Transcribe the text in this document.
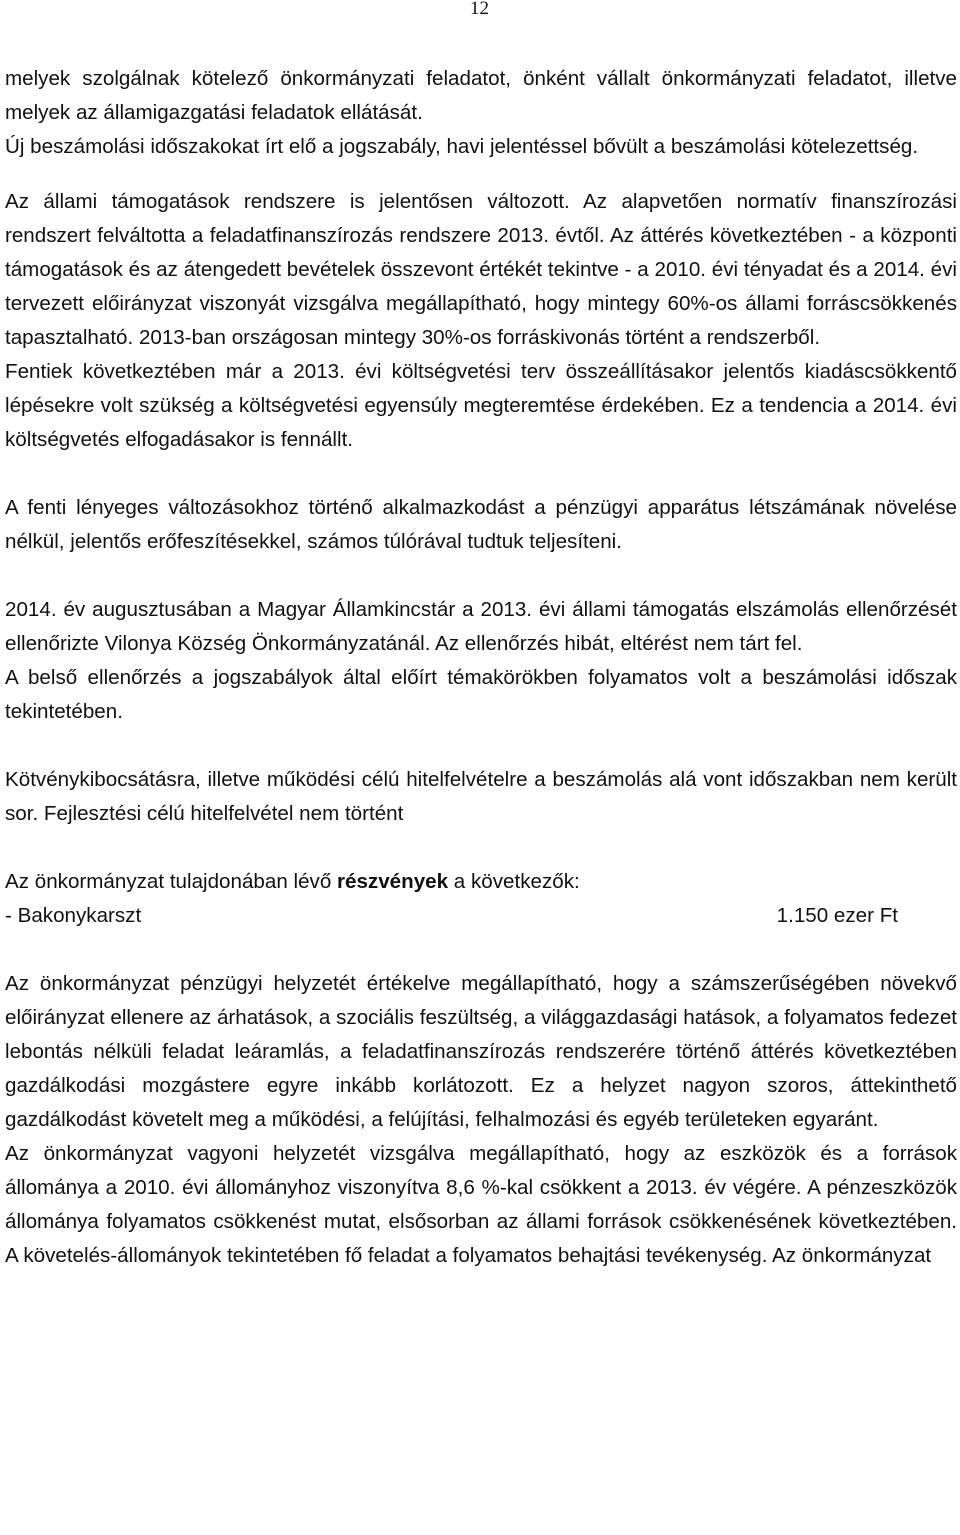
12

melyek szolgálnak kötelező önkormányzati feladatot, önként vállalt önkormányzati feladatot, illetve melyek az államigazgatási feladatok ellátását.

Új beszámolási időszakokat írt elő a jogszabály, havi jelentéssel bővült a beszámolási kötelezettség.

Az állami támogatások rendszere is jelentősen változott. Az alapvetően normatív finanszírozási rendszert felváltotta a feladatfinanszírozás rendszere 2013. évtől. Az áttérés következtében - a központi támogatások és az átengedett bevételek összevont értékét tekintve - a 2010. évi tényadat és a 2014. évi tervezett előirányzat viszonyát vizsgálva megállapítható, hogy mintegy 60%-os állami forráscsökkenés tapasztalható. 2013-ban országosan mintegy 30%-os forráskivonás történt a rendszerből.

Fentiek következtében már a 2013. évi költségvetési terv összeállításakor jelentős kiadáscsökkentő lépésekre volt szükség a költségvetési egyensúly megteremtése érdekében. Ez a tendencia a 2014. évi költségvetés elfogadásakor is fennállt.

A fenti lényeges változásokhoz történő alkalmazkodást a pénzügyi apparátus létszámának növelése nélkül, jelentős erőfeszítésekkel, számos túlórával tudtuk teljesíteni.

2014. év augusztusában a Magyar Államkincstár a 2013. évi állami támogatás elszámolás ellenőrzését ellenőrizte Vilonya Község Önkormányzatánál. Az ellenőrzés hibát, eltérést nem tárt fel.

A belső ellenőrzés a jogszabályok által előírt témakörökben folyamatos volt a beszámolási időszak tekintetében.

Kötvénykibocsátásra, illetve működési célú hitelfelvételre a beszámolás alá vont időszakban nem került sor. Fejlesztési célú hitelfelvétel nem történt

Az önkormányzat tulajdonában lévő részvények a következők:

- Bakonykarszt	1.150 ezer Ft

Az önkormányzat pénzügyi helyzetét értékelve megállapítható, hogy a számszerűségében növekvő előirányzat ellenere az árhatások, a szociális feszültség, a világgazdasági hatások, a folyamatos fedezet lebontás nélküli feladat leáramlás, a feladatfinanszírozás rendszerére történő áttérés következtében gazdálkodási mozgástere egyre inkább korlátozott. Ez a helyzet nagyon szoros, áttekinthető gazdálkodást követelt meg a működési, a felújítási, felhalmozási és egyéb területeken egyaránt.

Az önkormányzat vagyoni helyzetét vizsgálva megállapítható, hogy az eszközök és a források állománya a 2010. évi állományhoz viszonyítva 8,6 %-kal csökkent a 2013. év végére. A pénzeszközök állománya folyamatos csökkenést mutat, elsősorban az állami források csökkenésének következtében. A követelés-állományok tekintetében fő feladat a folyamatos behajtási tevékenység. Az önkormányzat
